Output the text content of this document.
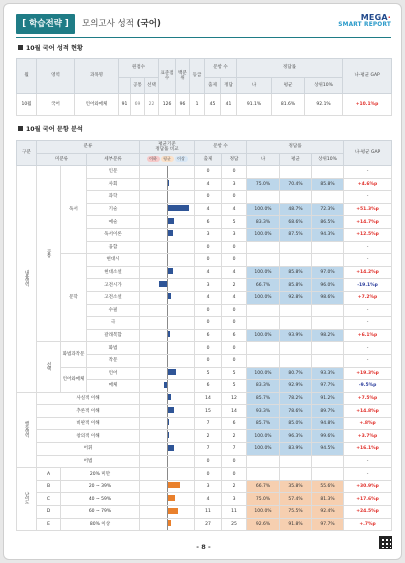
[ 학습전략 ]	모의고사 성적 (국어)
MEGA·
SMART REPORT
10월 국어 성적 현황
월	영역	과목명	원점수			표준점수	백분위	등급	문항 수		정답률			나-평균 GAP
				공통	선택				출제	정답	나	평균	상위10%	
10월	국어	언어와매체	91	69	22	126	96	1	45	41	91.1%	81.6%	92.1%	+10.1%p
10월 국어 문항 분석
구분	분류			평균기준
정답률 비교	문항 수		정답률			나-평균 GAP
	미분류		세부분류	이하 평균 이상	출제	정답	나	평균	상위10%	
내용영역	공통	독서	인문		0	0				-
			사회		4	3	75.0%	70.4%	85.8%	+4.6%p
			과학		0	0				-
			기술		4	4	100.0%	48.7%	72.3%	+51.3%p
			예술		6	5	83.3%	68.6%	86.5%	+14.7%p
			독서이론		3	3	100.0%	87.5%	94.3%	+12.5%p
			융합		0	0				-
		문학	현대시		0	0				-
			현대소설		4	4	100.0%	85.8%	97.0%	+14.2%p
			고전시가		3	2	66.7%	85.8%	96.0%	-19.1%p
			고전소설		4	4	100.0%	92.8%	98.6%	+7.2%p
			수필		0	0				-
			극		0	0				-
			갈래복합		6	6	100.0%	93.9%	98.2%	+6.1%p
	선택	화법과작문	화법		0	0				-
			작문		0	0				-
		언어와매체	언어		5	5	100.0%	80.7%	93.3%	+19.3%p
			매체		6	5	83.3%	92.9%	97.7%	-9.5%p
행동영역	사실적 이해				14	12	85.7%	78.2%	91.2%	+7.5%p
	추론적 이해				15	14	93.3%	78.6%	89.7%	+14.8%p
	비판적 이해				7	6	85.7%	85.0%	94.8%	+.8%p
	창의적 이해				2	2	100.0%	96.3%	99.6%	+3.7%p
	어휘				7	7	100.0%	83.9%	94.5%	+16.1%p
	어법				0	0				-
난이도	A	20% 미만			0	0				-
	B	20 ~ 39%			3	2	66.7%	35.8%	55.6%	+30.9%p
	C	40 ~ 59%			4	3	75.0%	57.4%	81.3%	+17.6%p
	D	60 ~ 79%			11	11	100.0%	75.5%	92.4%	+24.5%p
	E	80% 이상			27	25	92.6%	91.8%	97.7%	+.7%p
- 8 -
